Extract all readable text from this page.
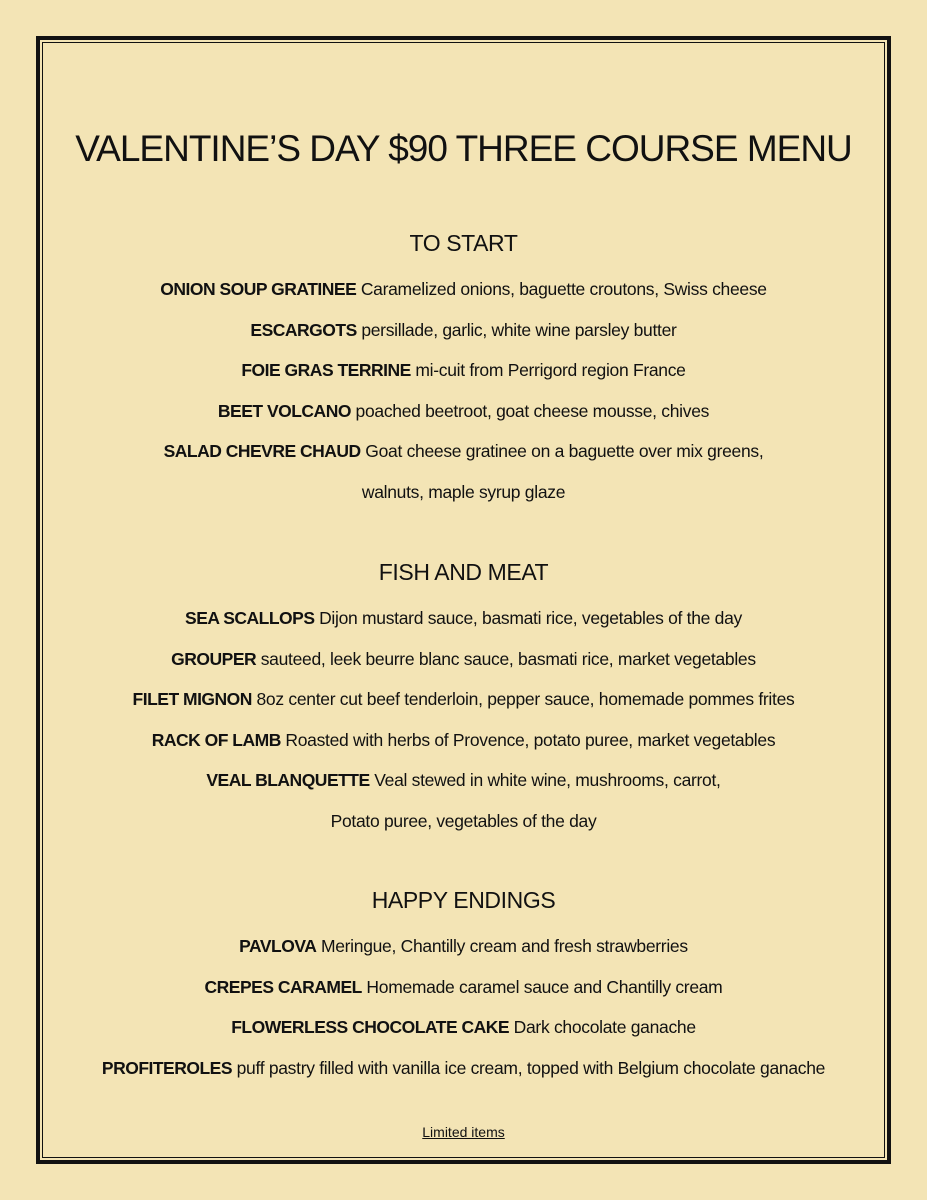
VALENTINE’S DAY $90 THREE COURSE MENU
TO START
ONION SOUP GRATINEE Caramelized onions, baguette croutons, Swiss cheese
ESCARGOTS persillade, garlic, white wine parsley butter
FOIE GRAS TERRINE mi-cuit from Perrigord region France
BEET VOLCANO poached beetroot, goat cheese mousse, chives
SALAD CHEVRE CHAUD Goat cheese gratinee on a baguette over mix greens,
walnuts, maple syrup glaze
FISH AND MEAT
SEA SCALLOPS Dijon mustard sauce, basmati rice, vegetables of the day
GROUPER sauteed, leek beurre blanc sauce, basmati rice, market vegetables
FILET MIGNON 8oz center cut beef tenderloin, pepper sauce, homemade pommes frites
RACK OF LAMB Roasted with herbs of Provence, potato puree, market vegetables
VEAL BLANQUETTE Veal stewed in white wine, mushrooms, carrot,
Potato puree, vegetables of the day
HAPPY ENDINGS
PAVLOVA Meringue, Chantilly cream and fresh strawberries
CREPES CARAMEL Homemade caramel sauce and Chantilly cream
FLOWERLESS CHOCOLATE CAKE Dark chocolate ganache
PROFITEROLES puff pastry filled with vanilla ice cream, topped with Belgium chocolate ganache
Limited items
